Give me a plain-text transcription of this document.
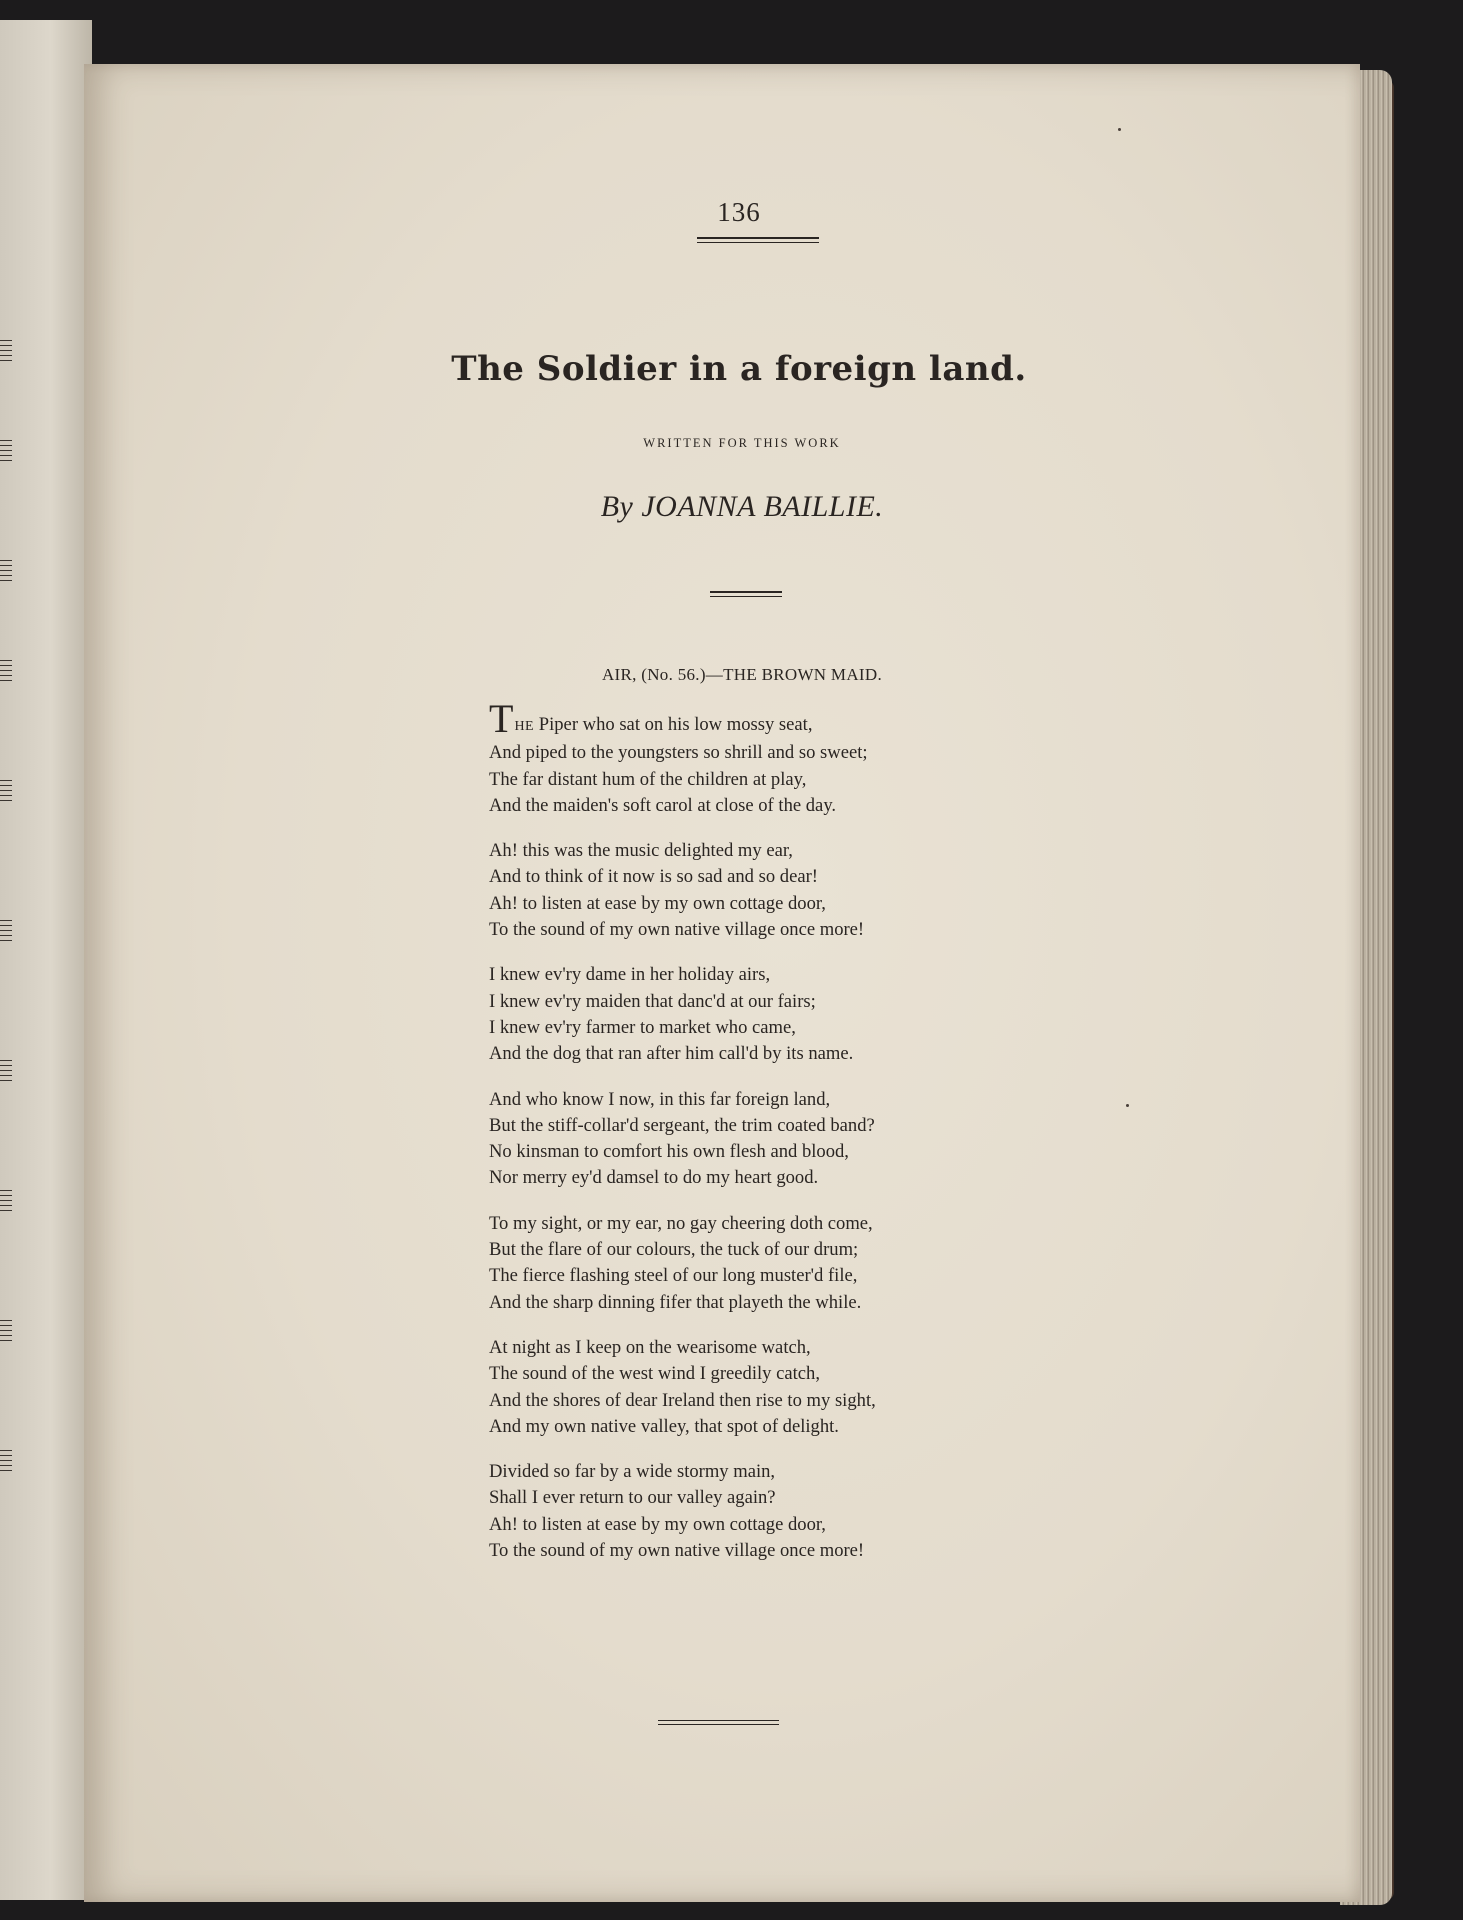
136
The Soldier in a foreign land.
WRITTEN FOR THIS WORK
By JOANNA BAILLIE.
AIR, (No. 56.)—THE BROWN MAID.
THE Piper who sat on his low mossy seat,
And piped to the youngsters so shrill and so sweet;
The far distant hum of the children at play,
And the maiden's soft carol at close of the day.
Ah! this was the music delighted my ear,
And to think of it now is so sad and so dear!
Ah! to listen at ease by my own cottage door,
To the sound of my own native village once more!
I knew ev'ry dame in her holiday airs,
I knew ev'ry maiden that danc'd at our fairs;
I knew ev'ry farmer to market who came,
And the dog that ran after him call'd by its name.
And who know I now, in this far foreign land,
But the stiff-collar'd sergeant, the trim coated band?
No kinsman to comfort his own flesh and blood,
Nor merry ey'd damsel to do my heart good.
To my sight, or my ear, no gay cheering doth come,
But the flare of our colours, the tuck of our drum;
The fierce flashing steel of our long muster'd file,
And the sharp dinning fifer that playeth the while.
At night as I keep on the wearisome watch,
The sound of the west wind I greedily catch,
And the shores of dear Ireland then rise to my sight,
And my own native valley, that spot of delight.
Divided so far by a wide stormy main,
Shall I ever return to our valley again?
Ah! to listen at ease by my own cottage door,
To the sound of my own native village once more!
